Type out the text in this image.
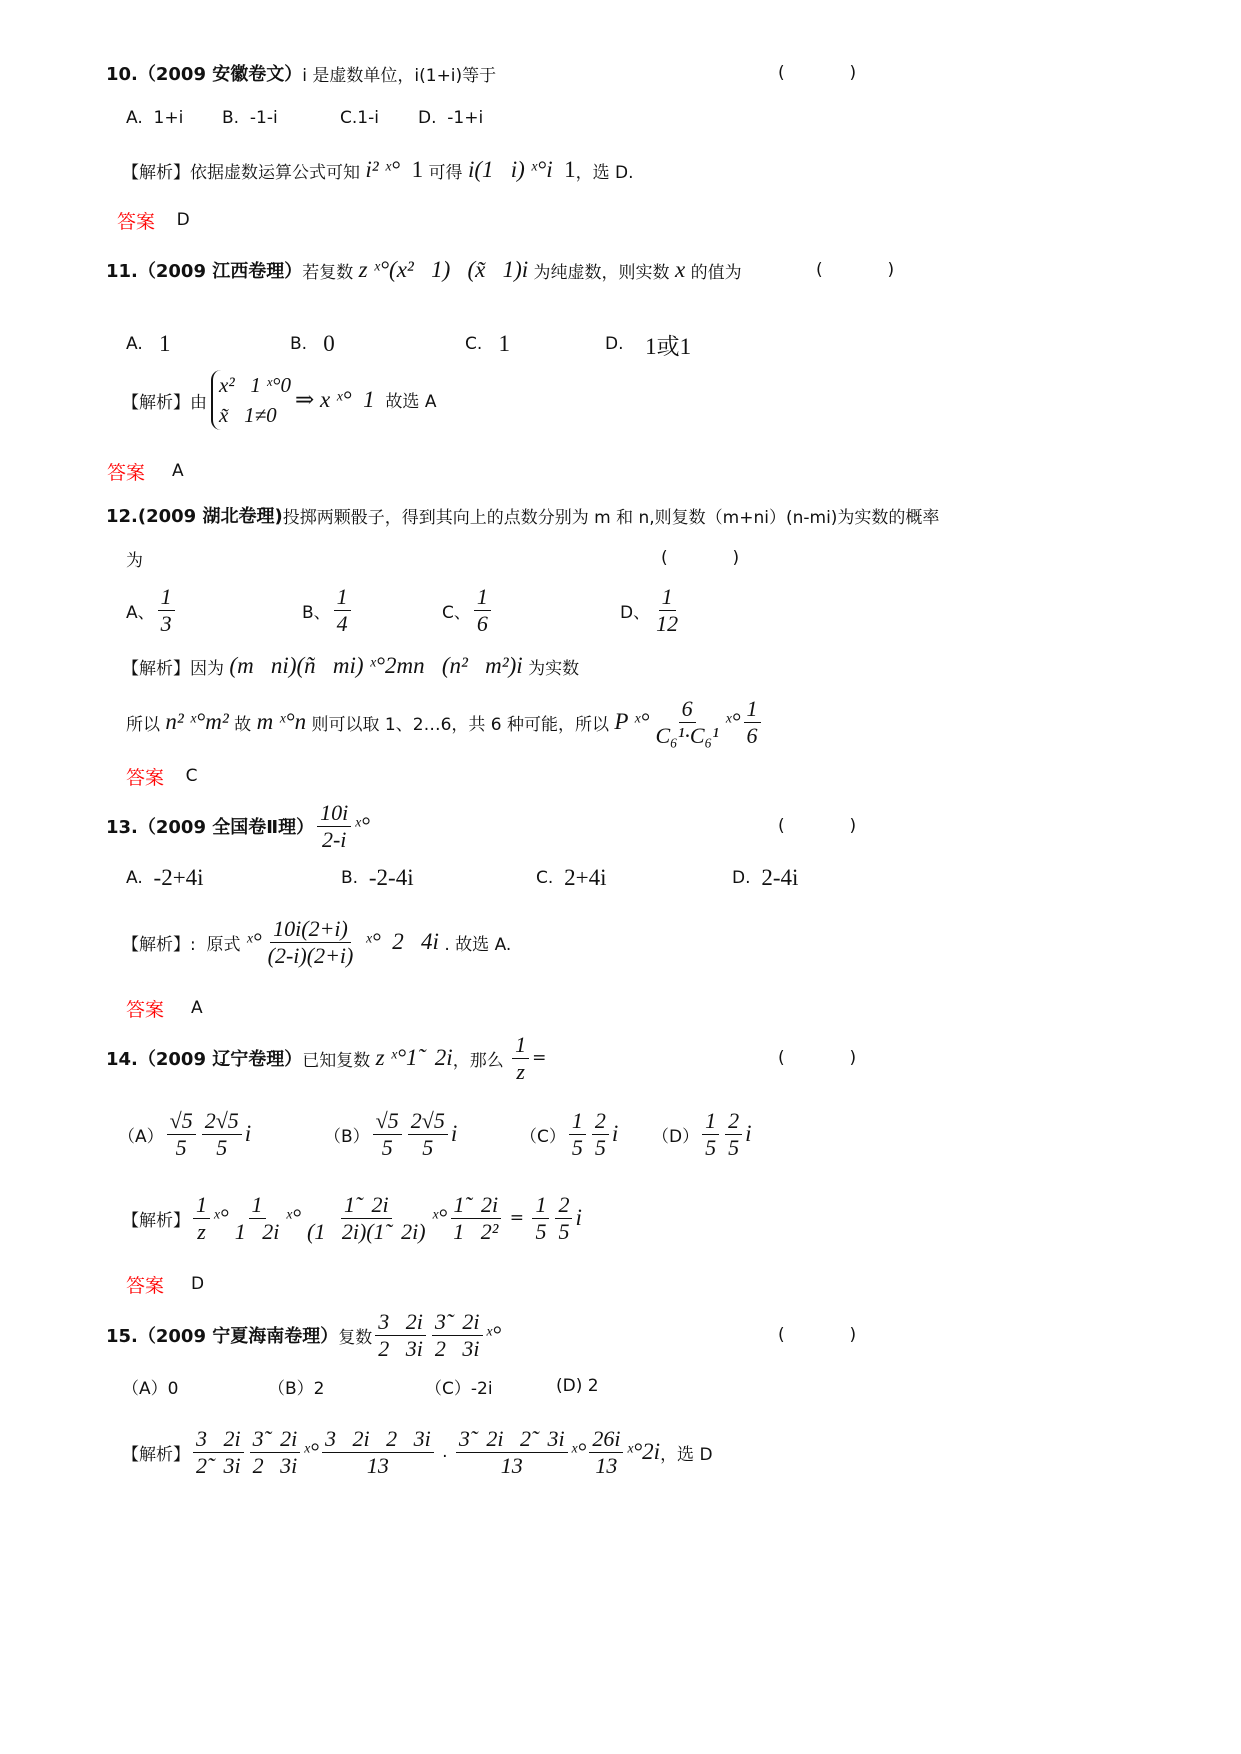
10.（2009 安徽卷文） i 是虚数单位，i(1+i)等于	(            )
A.  1+i B.  -1-i	C.1-i D.  -1+i
【解析】依据虚数运算公式可知 i² ˣ° 1 可得 i(1   i) ˣ°i 1 ，选 D.
答案 D
11.（2009 江西卷理） 若复数 z ˣ°(x²   1)   (x̃   1)i 为纯虚数，则实数 x 的值为	(            )
A. 1	B. 0	C. 1	D. 1或1
【解析】由
x²   1 ˣ°0
x̃   1≠0
⇒ x ˣ°  1  故选 A
答案 A
12.(2009 湖北卷理) 投掷两颗骰子，得到其向上的点数分别为 m 和 n,则复数（m+ni）(n-mi)为实数的概率
为	(            )
A、 $\frac{1}{3}$	B、 $\frac{1}{4}$	C、 $\frac{1}{6}$	D、 $\frac{1}{12}$
【解析】因为 (m   ni)(ñ   mi) ˣ°2mn   (n²   m²)i 为实数
所以 n² ˣ°m² 故 m ˣ°n 则可以取 1、2…6，共 6 种可能，所以 P ˣ° $\frac{6}{\text{C₆¹·C₆¹}}$ ˣ° $\frac{1}{6}$
答案 C
13.（2009 全国卷Ⅱ理） $\frac{10i}{2-i}$ ˣ°	(            )
A. -2+4i	B. -2-4i	C. 2+4i	D. 2-4i
【解析】:  原式 ˣ° $\frac{10i(2+i)}{(2-i)(2+i)}$ ˣ°  2   4i . 故选 A.
答案 A
14.（2009 辽宁卷理） 已知复数 z ˣ°1̃   2i ，那么 $\frac{1}{z}$ =	(            )
$(A) \frac{√5}{5} \frac{2√5}{5}$ i	$(B) \frac{√5}{5} \frac{2√5}{5}$ i	$(C) \frac{1}{5} \frac{2}{5}$ i $(D) \frac{1}{5} \frac{2}{5}$ i
【解析】 $\frac{1}{z}$ ˣ° $\frac{1}{1 2i}$ ˣ° $\frac{1̃ 2i}{(1 2i)(1̃ 2i)}$ ˣ° $\frac{1̃ 2i}{\text{1   2²}} = \frac{1}{5} \frac{2}{5}$ i
答案 D
15.（2009 宁夏海南卷理） 复数 $\frac{3 2i}{2 3i} \frac{3̃ 2i}{2 3i}$ ˣ°	(            )
（A）0	（B）2	（C）-2i	(D) 2
【解析】 $\frac{3 2i}{2̃ 3i} \frac{3̃ 2i}{2 3i}$ ˣ° $\frac{3 2i 2 3i}{13}$ . $\frac{3̃ 2i 2̃ 3i}{13}$ ˣ° $\frac{26i}{13}$ ˣ°2i ，选 D
